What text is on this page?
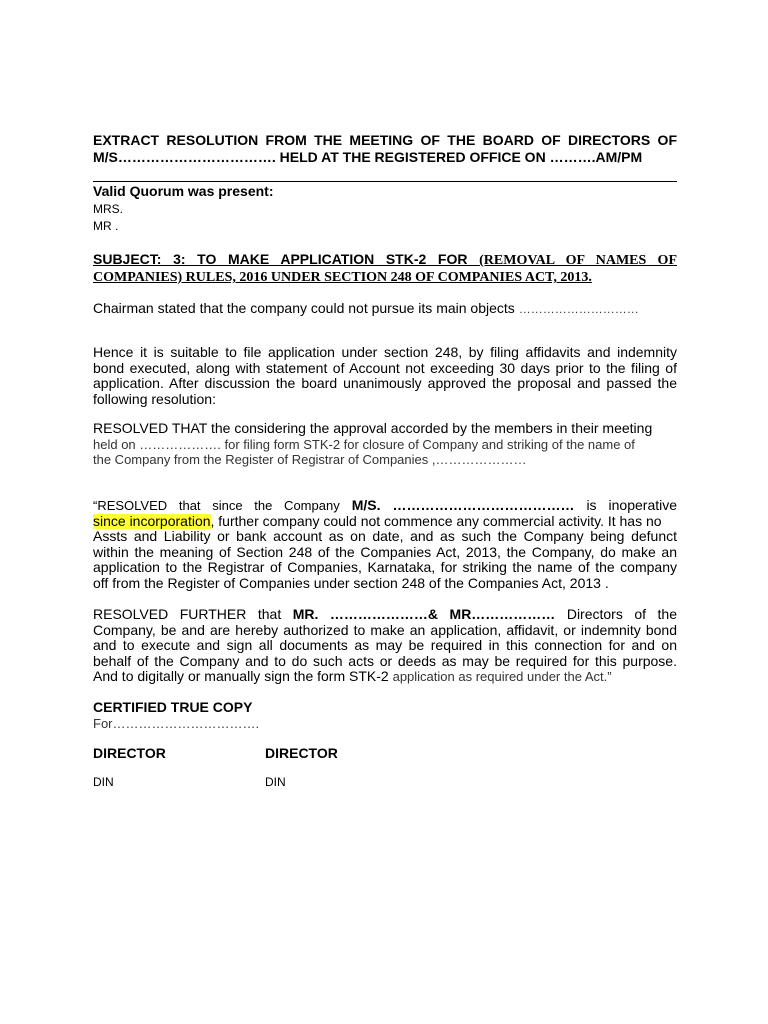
EXTRACT RESOLUTION FROM THE MEETING OF THE BOARD OF DIRECTORS OF
M/S……………………………. HELD AT THE REGISTERED OFFICE ON ……….AM/PM
Valid Quorum was present:
MRS.
MR .
SUBJECT: 3: TO MAKE APPLICATION STK-2 FOR (REMOVAL OF NAMES OF
COMPANIES) RULES, 2016 UNDER SECTION 248 OF COMPANIES ACT, 2013.
Chairman stated that the company could not pursue its main objects …………………………
Hence it is suitable to file application under section 248, by filing affidavits and indemnity
bond executed, along with statement of Account not exceeding 30 days prior to the filing of
application. After discussion the board unanimously approved the proposal and passed the
following resolution:
RESOLVED THAT the considering the approval accorded by the members in their meeting
held on ………………. for filing form STK-2 for closure of Company and striking of the name of
the Company from the Register of Registrar of Companies ,…………………
“RESOLVED that since the Company M/S. ………………………………… is inoperative
since incorporation, further company could not commence any commercial activity. It has no
Assts and Liability or bank account as on date, and as such the Company being defunct
within the meaning of Section 248 of the Companies Act, 2013, the Company, do make an
application to the Registrar of Companies, Karnataka, for striking the name of the company
off from the Register of Companies under section 248 of the Companies Act, 2013 .
RESOLVED FURTHER that MR. …………………& MR……………… Directors of the
Company, be and are hereby authorized to make an application, affidavit, or indemnity bond
and to execute and sign all documents as may be required in this connection for and on
behalf of the Company and to do such acts or deeds as may be required for this purpose.
And to digitally or manually sign the form STK-2 application as required under the Act.”
CERTIFIED TRUE COPY
For…………………………….
DIRECTOR
DIN
DIRECTOR
DIN
